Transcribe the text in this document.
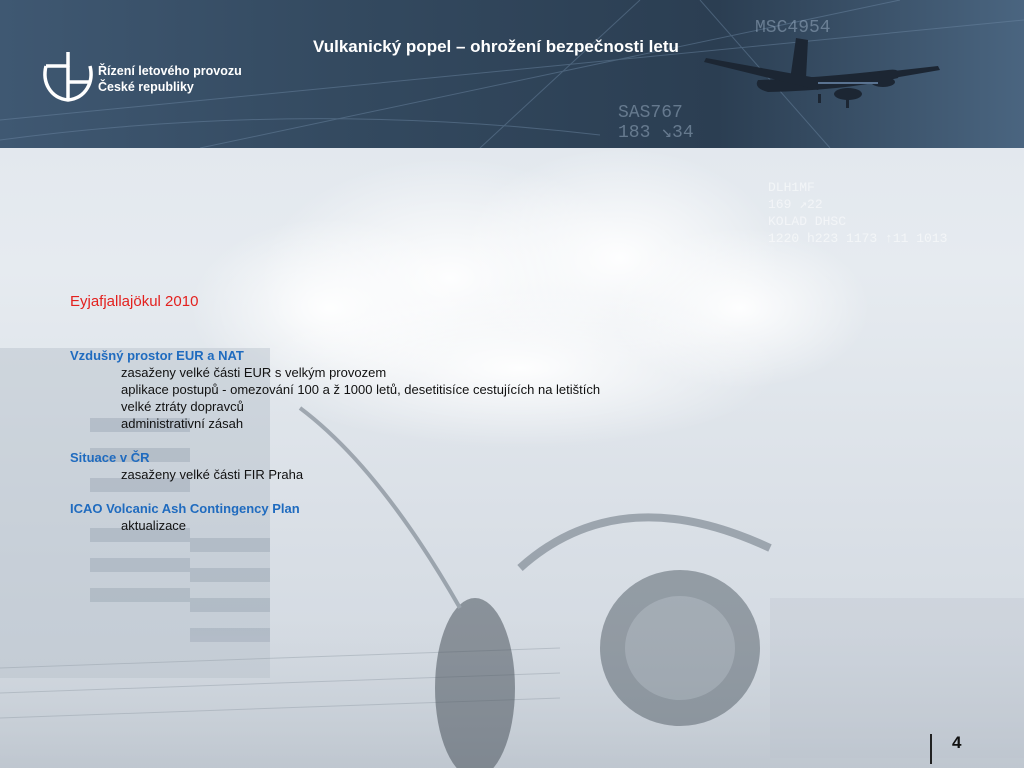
DLH1MF
169 ↗22
KOLAD DHSC
1220 h223 1173 ↑11 1013
MSC4954
SAS767
183 ↘34
Řízení letového provozu
České republiky
Vulkanický popel – ohrožení bezpečnosti letu
Eyjafjallajökul 2010
Vzdušný prostor EUR a NAT
zasaženy velké části EUR s velkým provozem
aplikace postupů - omezování 100 a ž 1000 letů, desetitisíce cestujících na letištích
velké ztráty dopravců
administrativní zásah
Situace v ČR
zasaženy velké části FIR Praha
ICAO Volcanic Ash Contingency Plan
aktualizace
4
